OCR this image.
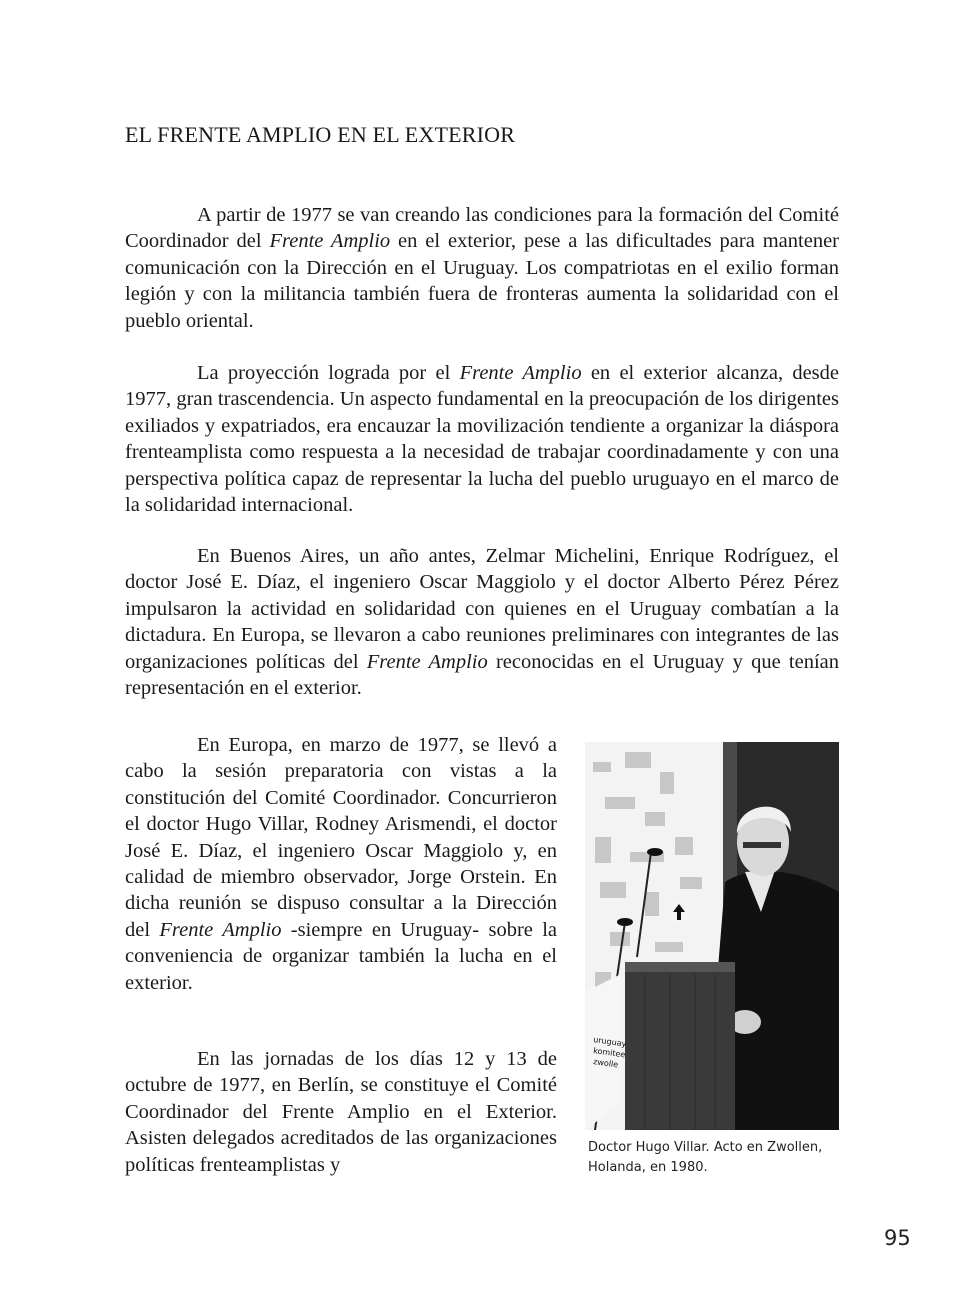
EL FRENTE AMPLIO EN EL EXTERIOR

A partir de 1977 se van creando las condiciones para la formación del Comité Coordinador del Frente Amplio en el exterior, pese a las dificultades para mantener comunicación con la Dirección en el Uruguay. Los compatriotas en el exilio forman legión y con la militancia también fuera de fronteras aumenta la solidaridad con el pueblo oriental.

La proyección lograda por el Frente Amplio en el exterior alcanza, desde 1977, gran trascendencia. Un aspecto fundamental en la preocupación de los dirigentes exiliados y expatriados, era encauzar la movilización tendiente a organizar la diáspora frenteamplista como respuesta a la necesidad de trabajar coordinadamente y con una perspectiva política capaz de representar la lucha del pueblo uruguayo en el marco de la solidaridad internacional.

En Buenos Aires, un año antes, Zelmar Michelini, Enrique Rodríguez, el doctor José E. Díaz, el ingeniero Oscar Maggiolo y el doctor Alberto Pérez Pérez impulsaron la actividad en solidaridad con quienes en el Uruguay combatían a la dictadura. En Europa, se llevaron a cabo reuniones preliminares con integrantes de las organizaciones políticas del Frente Amplio reconocidas en el Uruguay y que tenían representación en el exterior.

En Europa, en marzo de 1977, se llevó a cabo la sesión preparatoria con vistas a la constitución del Comité Coordinador. Concurrieron el doctor Hugo Villar, Rodney Arismendi, el doctor José E. Díaz, el ingeniero Oscar Maggiolo y, en calidad de miembro observador, Jorge Orstein. En dicha reunión se dispuso consultar a la Dirección del Frente Amplio -siempre en Uruguay- sobre la conveniencia de organizar también la lucha en el exterior.

En las jornadas de los días 12 y 13 de octubre de 1977, en Berlín, se constituye el Comité Coordinador del Frente Amplio en el Exterior. Asisten delegados acreditados de las organizaciones políticas frenteamplistas y

uruguay
komitee
zwolle
Doctor Hugo Villar. Acto en Zwollen, Holanda, en 1980.
95
